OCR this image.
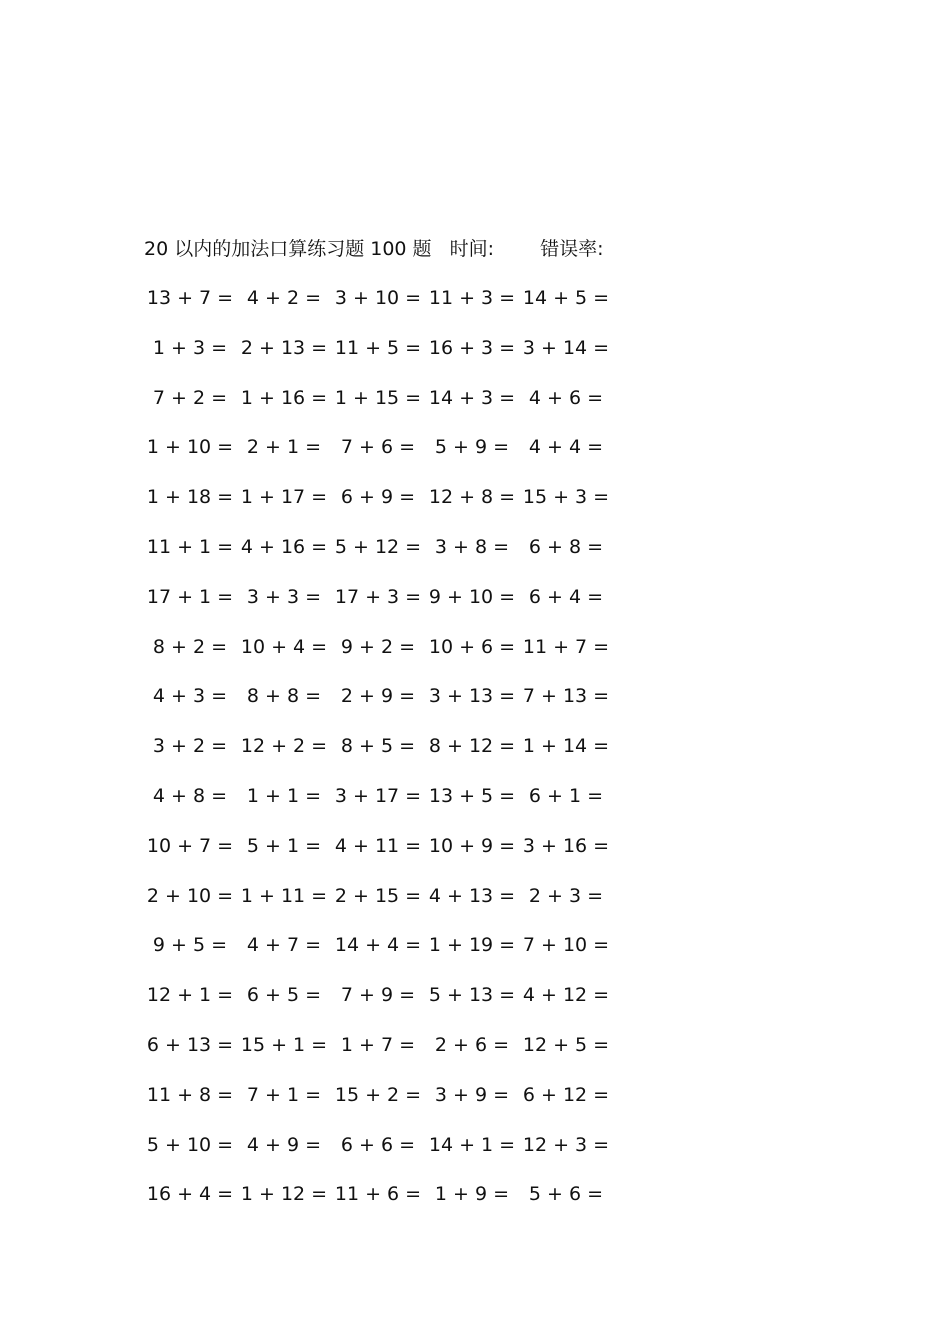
20 以内的加法口算练习题 100 题 时间: 错误率:
13 + 7 = 4 + 2 = 3 + 10 = 11 + 3 = 14 + 5 =
1 + 3 = 2 + 13 = 11 + 5 = 16 + 3 = 3 + 14 =
7 + 2 = 1 + 16 = 1 + 15 = 14 + 3 = 4 + 6 =
1 + 10 = 2 + 1 =	7 + 6 =	5 + 9 =	4 + 4 =
1 + 18 = 1 + 17 = 6 + 9 = 12 + 8 = 15 + 3 =
11 + 1 = 4 + 16 = 5 + 12 = 3 + 8 =	6 + 8 =
17 + 1 = 3 + 3 = 17 + 3 = 9 + 10 = 6 + 4 =
8 + 2 = 10 + 4 = 9 + 2 = 10 + 6 = 11 + 7 =
4 + 3 =	8 + 8 =	2 + 9 = 3 + 13 = 7 + 13 =
3 + 2 = 12 + 2 = 8 + 5 = 8 + 12 = 1 + 14 =
4 + 8 =	1 + 1 = 3 + 17 = 13 + 5 = 6 + 1 =
10 + 7 = 5 + 1 = 4 + 11 = 10 + 9 = 3 + 16 =
2 + 10 = 1 + 11 = 2 + 15 = 4 + 13 = 2 + 3 =
9 + 5 =	4 + 7 = 14 + 4 = 1 + 19 = 7 + 10 =
12 + 1 = 6 + 5 =	7 + 9 = 5 + 13 = 4 + 12 =
6 + 13 = 15 + 1 = 1 + 7 =	2 + 6 = 12 + 5 =
11 + 8 = 7 + 1 = 15 + 2 = 3 + 9 = 6 + 12 =
5 + 10 = 4 + 9 =	6 + 6 = 14 + 1 = 12 + 3 =
16 + 4 = 1 + 12 = 11 + 6 = 1 + 9 =	5 + 6 =
